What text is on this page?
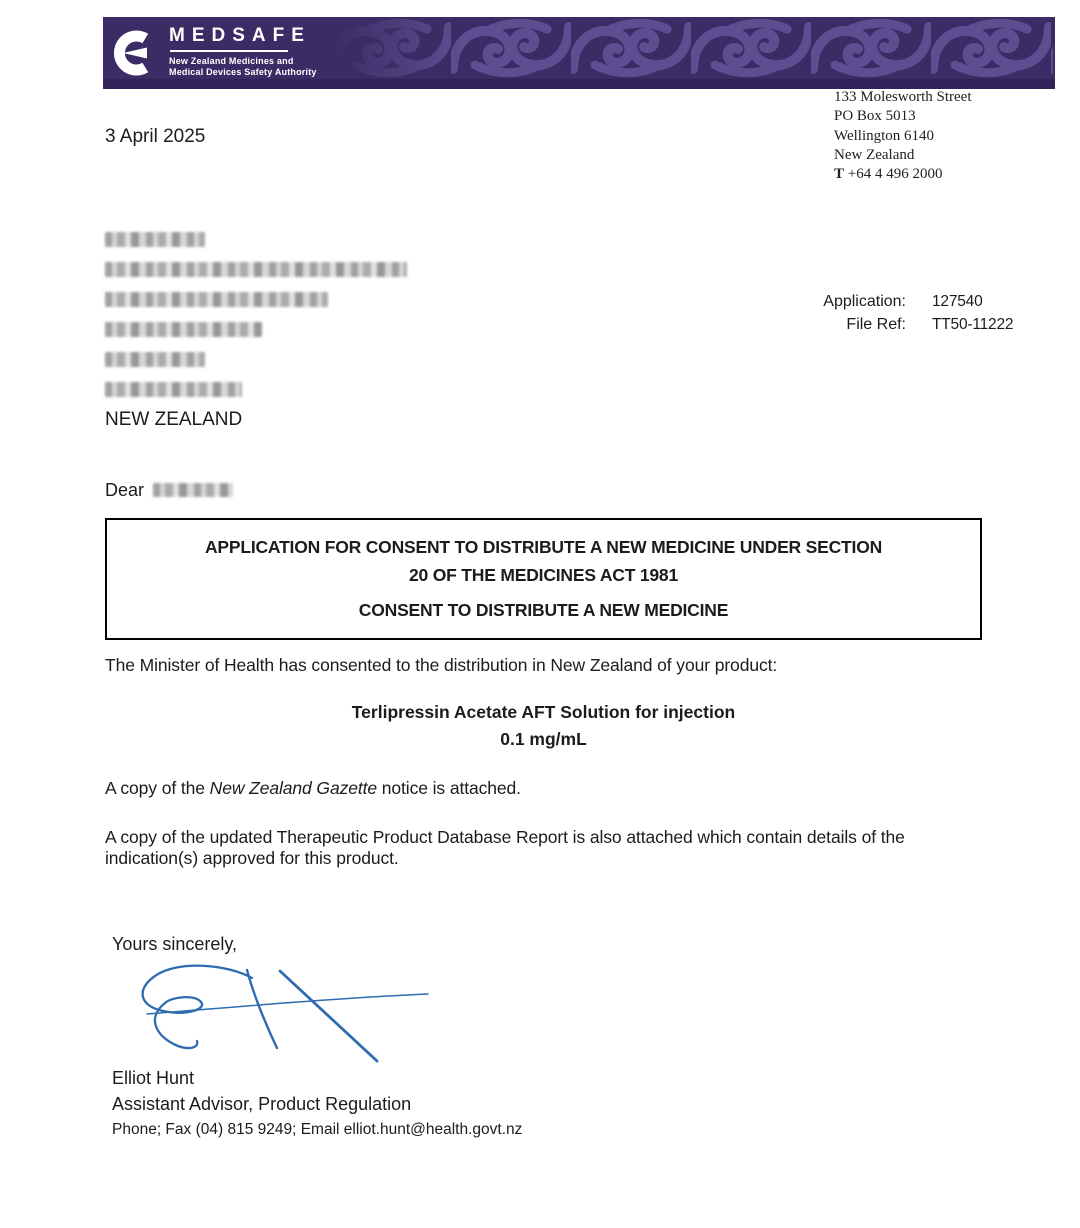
MEDSAFE
New Zealand Medicines and
Medical Devices Safety Authority
133 Molesworth Street
PO Box 5013
Wellington 6140
New Zealand
T +64 4 496 2000
3 April 2025
NEW ZEALAND
Application: 127540
File Ref: TT50-11222
Dear
APPLICATION FOR CONSENT TO DISTRIBUTE A NEW MEDICINE UNDER SECTION
20 OF THE MEDICINES ACT 1981
CONSENT TO DISTRIBUTE A NEW MEDICINE
The Minister of Health has consented to the distribution in New Zealand of your product:
Terlipressin Acetate AFT Solution for injection
0.1 mg/mL
A copy of the New Zealand Gazette notice is attached.
A copy of the updated Therapeutic Product Database Report is also attached which contain details of the indication(s) approved for this product.
Yours sincerely,
Elliot Hunt
Assistant Advisor, Product Regulation
Phone; Fax (04) 815 9249; Email elliot.hunt@health.govt.nz
